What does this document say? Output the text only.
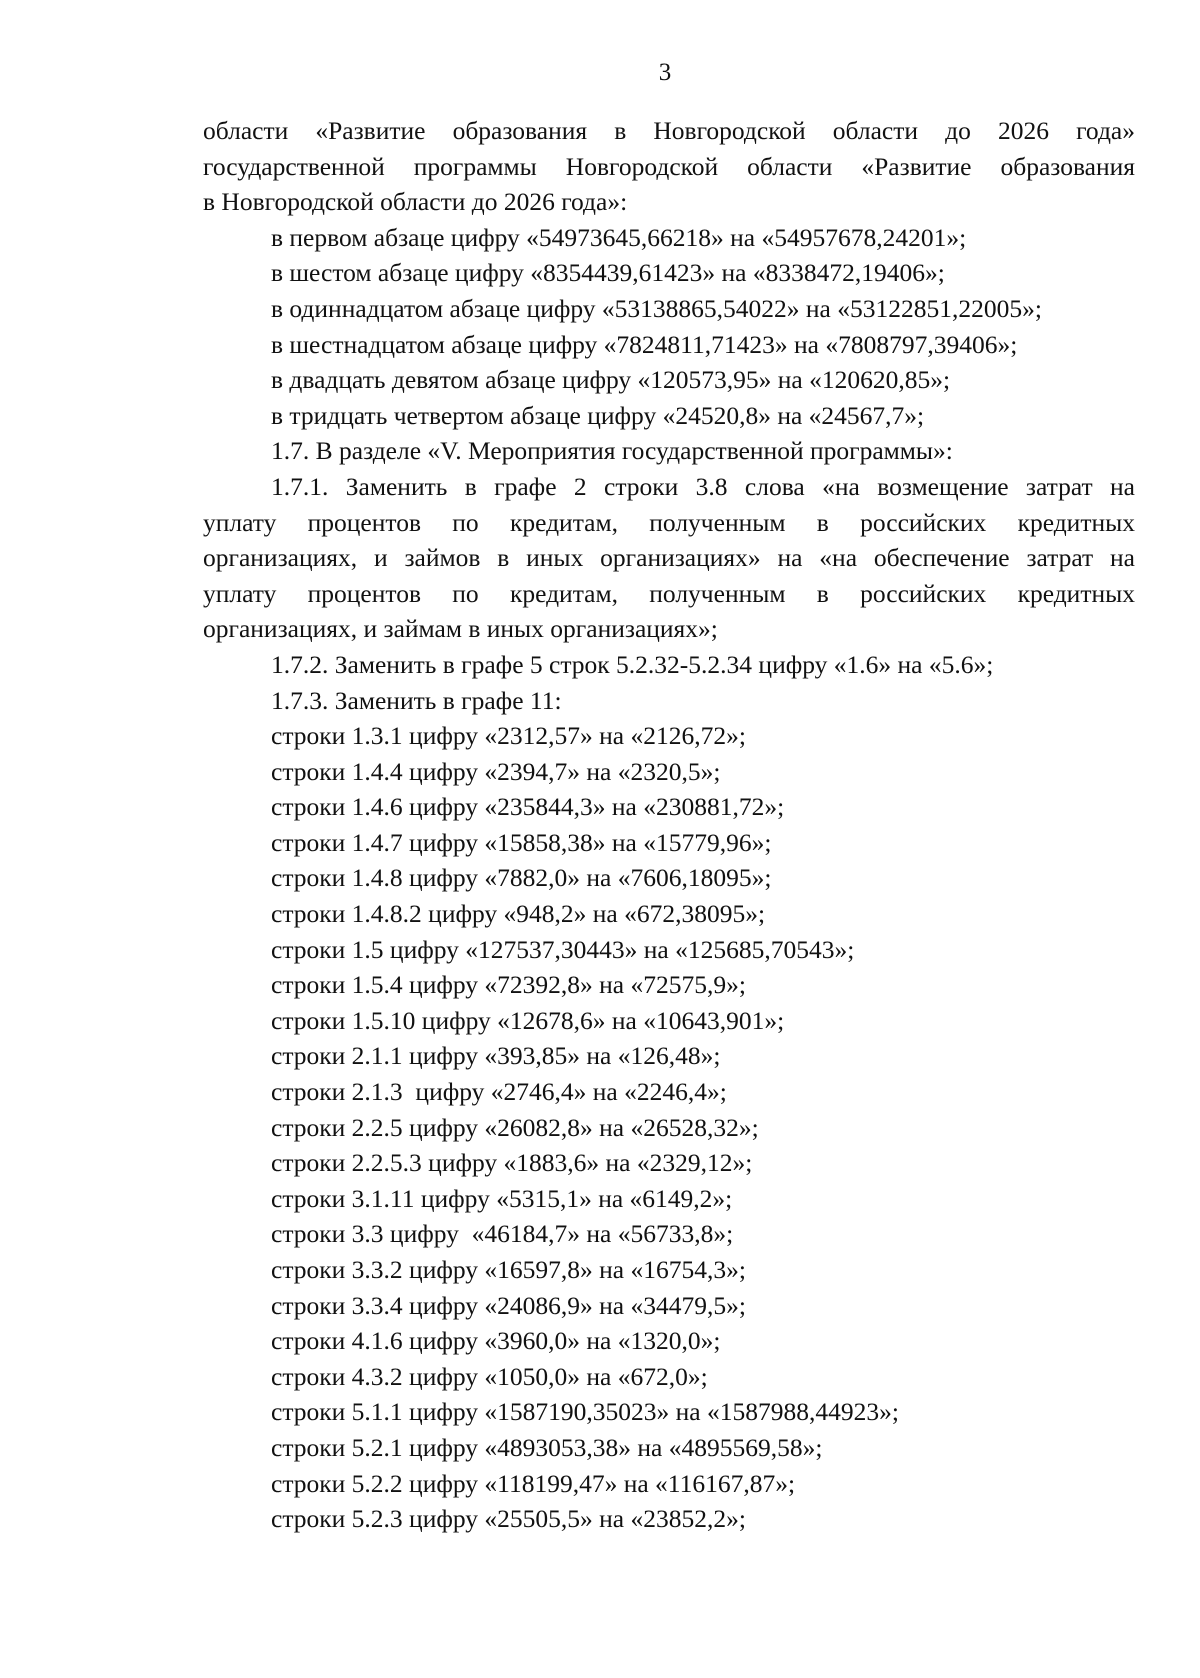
3
области «Развитие образования в Новгородской области до 2026 года»
государственной программы Новгородской области «Развитие образования
в Новгородской области до 2026 года»:
в первом абзаце цифру «54973645,66218» на «54957678,24201»;
в шестом абзаце цифру «8354439,61423» на «8338472,19406»;
в одиннадцатом абзаце цифру «53138865,54022» на «53122851,22005»;
в шестнадцатом абзаце цифру «7824811,71423» на «7808797,39406»;
в двадцать девятом абзаце цифру «120573,95» на «120620,85»;
в тридцать четвертом абзаце цифру «24520,8» на «24567,7»;
1.7. В разделе «V. Мероприятия государственной программы»:
1.7.1. Заменить в графе 2 строки 3.8 слова «на возмещение затрат на
уплату процентов по кредитам, полученным в российских кредитных
организациях, и займов в иных организациях» на «на обеспечение затрат на
уплату процентов по кредитам, полученным в российских кредитных
организациях, и займам в иных организациях»;
1.7.2. Заменить в графе 5 строк 5.2.32-5.2.34 цифру «1.6» на «5.6»;
1.7.3. Заменить в графе 11:
строки 1.3.1 цифру «2312,57» на «2126,72»;
строки 1.4.4 цифру «2394,7» на «2320,5»;
строки 1.4.6 цифру «235844,3» на «230881,72»;
строки 1.4.7 цифру «15858,38» на «15779,96»;
строки 1.4.8 цифру «7882,0» на «7606,18095»;
строки 1.4.8.2 цифру «948,2» на «672,38095»;
строки 1.5 цифру «127537,30443» на «125685,70543»;
строки 1.5.4 цифру «72392,8» на «72575,9»;
строки 1.5.10 цифру «12678,6» на «10643,901»;
строки 2.1.1 цифру «393,85» на «126,48»;
строки 2.1.3  цифру «2746,4» на «2246,4»;
строки 2.2.5 цифру «26082,8» на «26528,32»;
строки 2.2.5.3 цифру «1883,6» на «2329,12»;
строки 3.1.11 цифру «5315,1» на «6149,2»;
строки 3.3 цифру  «46184,7» на «56733,8»;
строки 3.3.2 цифру «16597,8» на «16754,3»;
строки 3.3.4 цифру «24086,9» на «34479,5»;
строки 4.1.6 цифру «3960,0» на «1320,0»;
строки 4.3.2 цифру «1050,0» на «672,0»;
строки 5.1.1 цифру «1587190,35023» на «1587988,44923»;
строки 5.2.1 цифру «4893053,38» на «4895569,58»;
строки 5.2.2 цифру «118199,47» на «116167,87»;
строки 5.2.3 цифру «25505,5» на «23852,2»;
